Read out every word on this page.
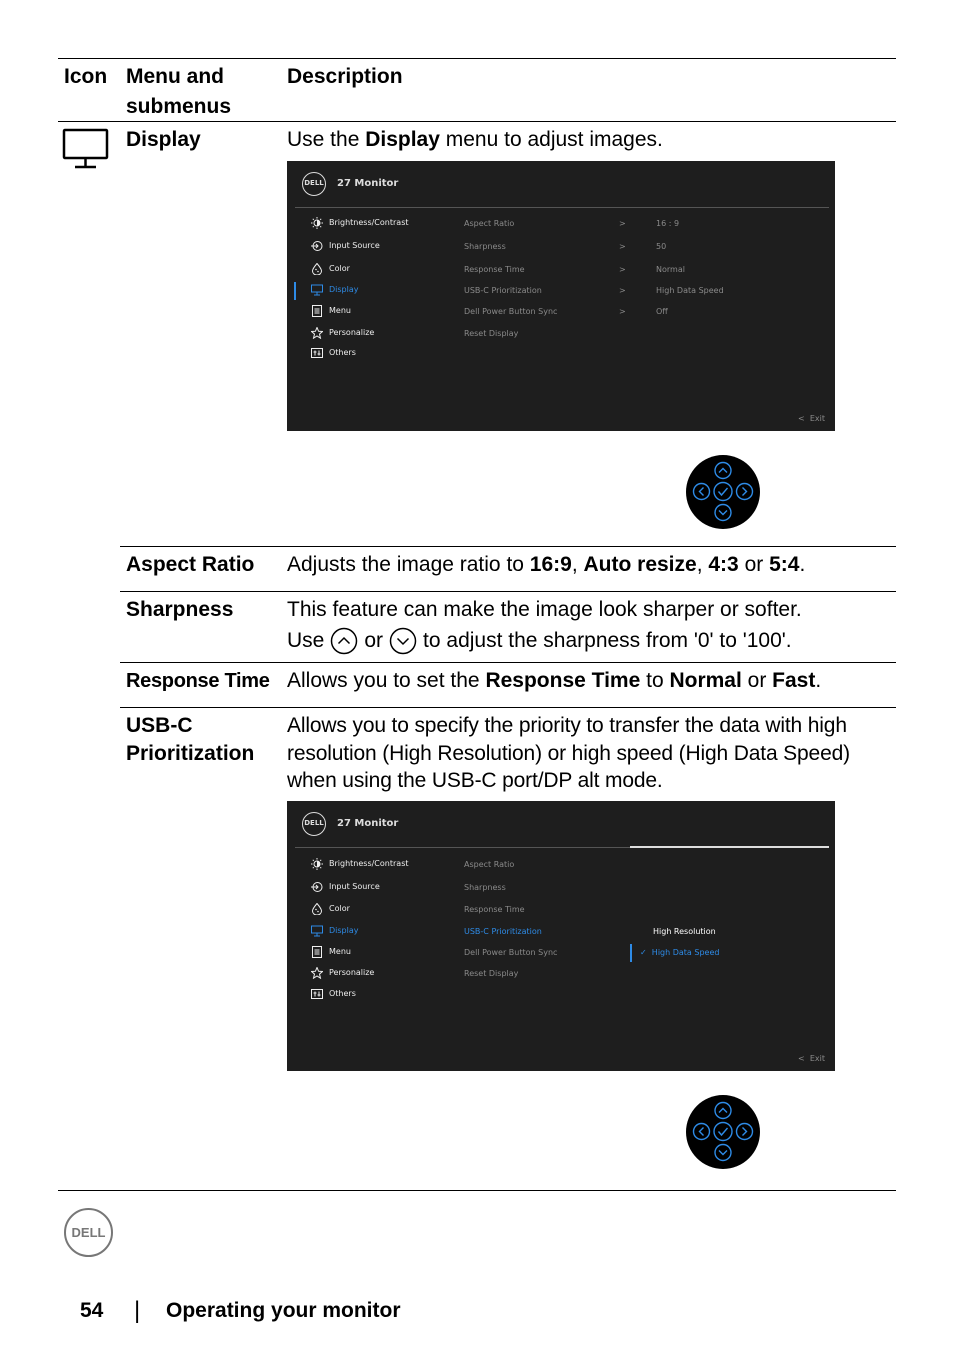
Icon Menu and
submenus
Description
Display	Use the Display menu to adjust images.
DELL 27 Monitor
Brightness/Contrast
Input Source
Color
Display
Menu
Personalize
Others
Aspect Ratio
Sharpness
Response Time
USB-C Prioritization
Dell Power Button Sync
Reset Display
>
>
>
>
>
16 : 9
50
Normal
High Data Speed
Off
< Exit
Aspect Ratio Adjusts the image ratio to 16:9, Auto resize, 4:3 or 5:4.
Sharpness	This feature can make the image look sharper or softer.
Use or to adjust the sharpness from '0' to '100'.
Response Time Allows you to set the Response Time to Normal or Fast.
USB-C
Prioritization
Allows you to specify the priority to transfer the data with high resolution (High Resolution) or high speed (High Data Speed) when using the USB-C port/DP alt mode.
DELL 27 Monitor
Brightness/Contrast
Input Source
Color
Display
Menu
Personalize
Others
Aspect Ratio
Sharpness
Response Time
USB-C Prioritization
Dell Power Button Sync
Reset Display
High Resolution
✓ High Data Speed
< Exit
DELL
54 | Operating your monitor
